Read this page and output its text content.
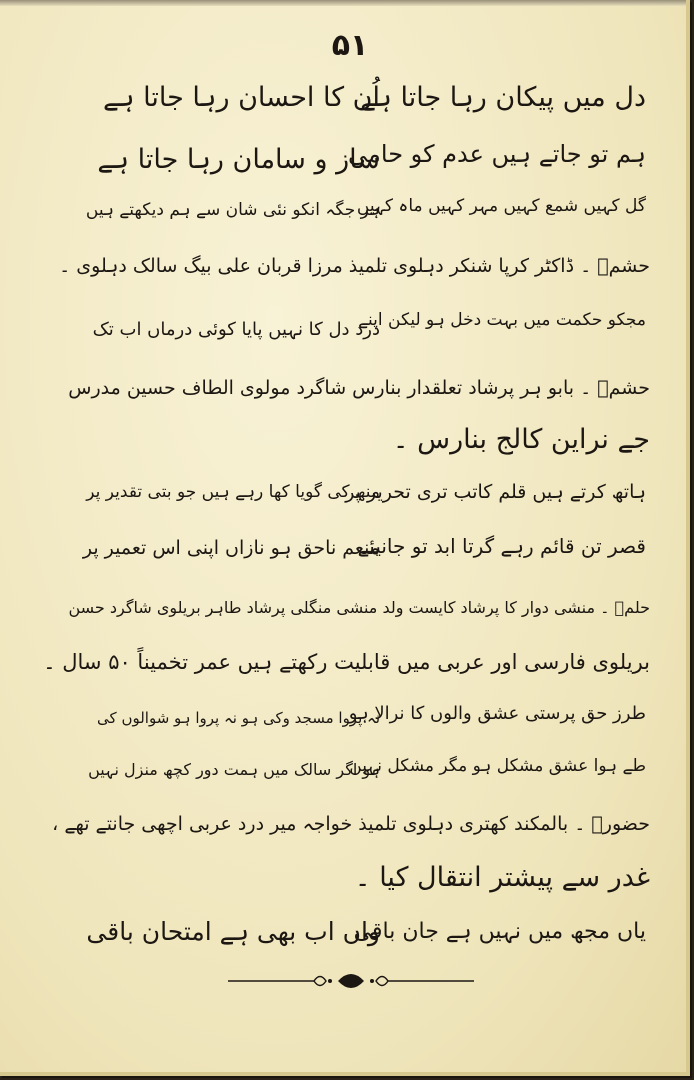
۵۱
دل میں پیکان رہا جاتا ہے
اُن کا احسان رہا جاتا ہے
ہم تو جاتے ہیں عدم کو حامی
ساز و سامان رہا جاتا ہے
گل کہیں شمع کہیں مہر کہیں ماہ کہیں
ہر جگہ انکو نئی شان سے ہم دیکھتے ہیں
حشمؔ ۔ ڈاکٹر کرپا شنکر دہلوی تلمیذ مرزا قربان علی بیگ سالک دہلوی ۔
مجکو حکمت میں بہت دخل ہو لیکن اپنے
درد دل کا نہیں پایا کوئی درماں اب تک
حشمؔ ۔ بابو ہر پرشاد تعلقدار بنارس شاگرد مولوی الطاف حسین مدرس
جے نراین کالج بنارس ۔
ہاتھ کرتے ہیں قلم کاتب تری تحریر پر
منھ کی گویا کھا رہے ہیں جو بتی تقدیر پر
قصر تن قائم رہے گرتا ابد تو جانیئے
منعم ناحق ہو نازاں اپنی اس تعمیر پر
حلمؔ ۔ منشی دوار کا پرشاد کایست ولد منشی منگلی پرشاد طاہر بریلوی شاگرد حسن
بریلوی فارسی اور عربی میں قابلیت رکھتے ہیں عمر تخمیناً ۵۰ سال ۔
طرز حق پرستی عشق والوں کا نرالا ہو
نہ پروا مسجد وکی ہو نہ پروا ہو شوالوں کی
طے ہوا عشق مشکل ہو مگر مشکل نہیں
ہو اگر سالک میں ہمت دور کچھ منزل نہیں
حضورؔ ۔ بالمکند کھتری دہلوی تلمیذ خواجہ میر درد عربی اچھی جانتے تھے ،
غدر سے پیشتر انتقال کیا ۔
یاں مجھ میں نہیں ہے جان باقی
واں اب بھی ہے امتحان باقی
